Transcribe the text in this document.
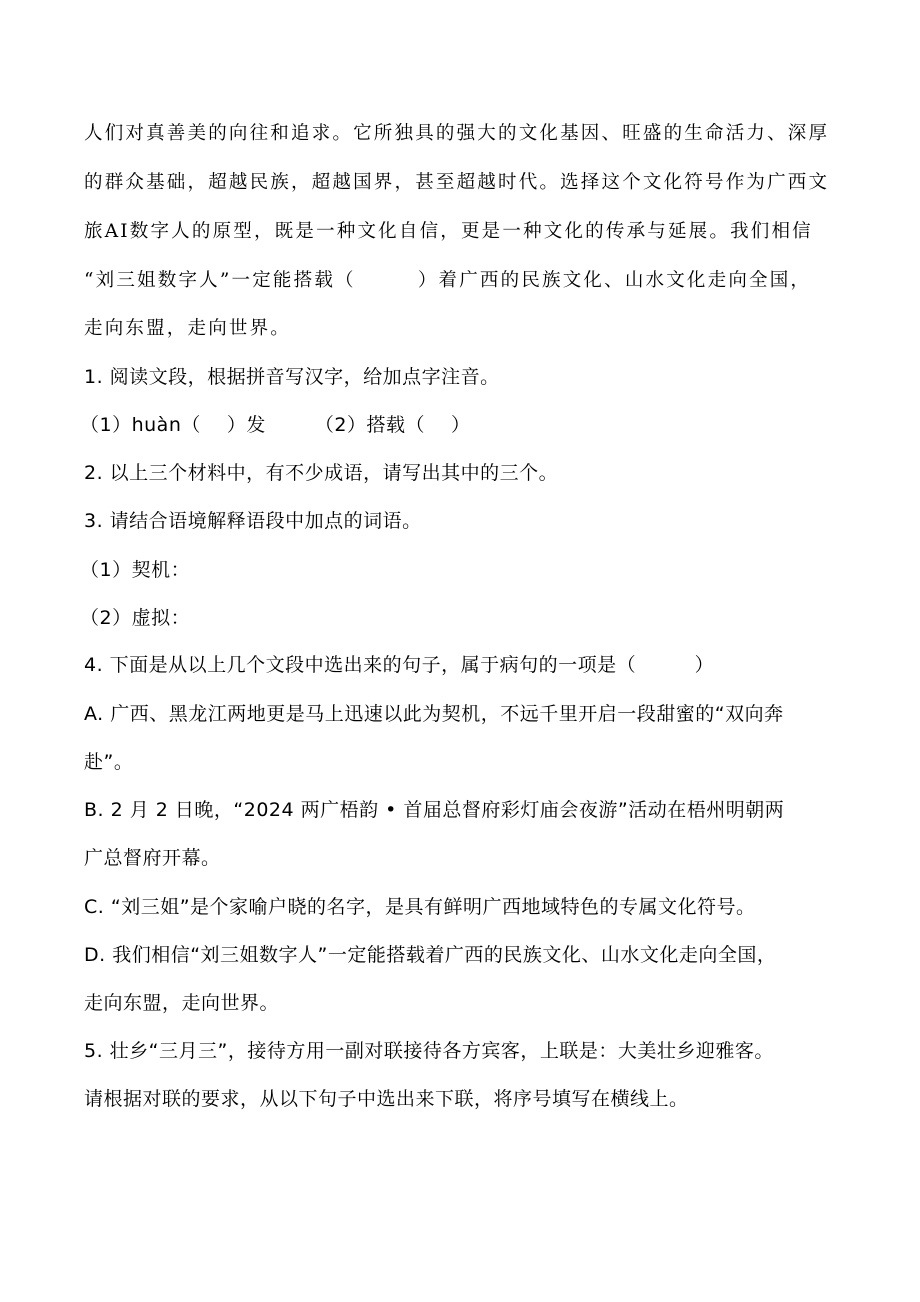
人们对真善美的向往和追求。它所独具的强大的文化基因、旺盛的生命活力、深厚
的群众基础，超越民族，超越国界，甚至超越时代。选择这个文化符号作为广西文
旅AI数字人的原型，既是一种文化自信，更是一种文化的传承与延展。我们相信
“刘三姐数字人”一定能搭载（　　　）着广西的民族文化、山水文化走向全国，
走向东盟，走向世界。
1. 阅读文段，根据拼音写汉字，给加点字注音。
（1）huàn（　 ）发　　　（2）搭载（　 ）
2. 以上三个材料中，有不少成语，请写出其中的三个。
3. 请结合语境解释语段中加点的词语。
（1）契机：
（2）虚拟：
4. 下面是从以上几个文段中选出来的句子，属于病句的一项是（　　　）
A. 广西、黑龙江两地更是马上迅速以此为契机，不远千里开启一段甜蜜的“双向奔
赴”。
B. 2 月 2 日晚，“2024 两广梧韵 • 首届总督府彩灯庙会夜游”活动在梧州明朝两
广总督府开幕。
C. “刘三姐”是个家喻户晓的名字，是具有鲜明广西地域特色的专属文化符号。
D. 我们相信“刘三姐数字人”一定能搭载着广西的民族文化、山水文化走向全国，
走向东盟，走向世界。
5. 壮乡“三月三”，接待方用一副对联接待各方宾客，上联是：大美壮乡迎雅客。
请根据对联的要求，从以下句子中选出来下联，将序号填写在横线上。
